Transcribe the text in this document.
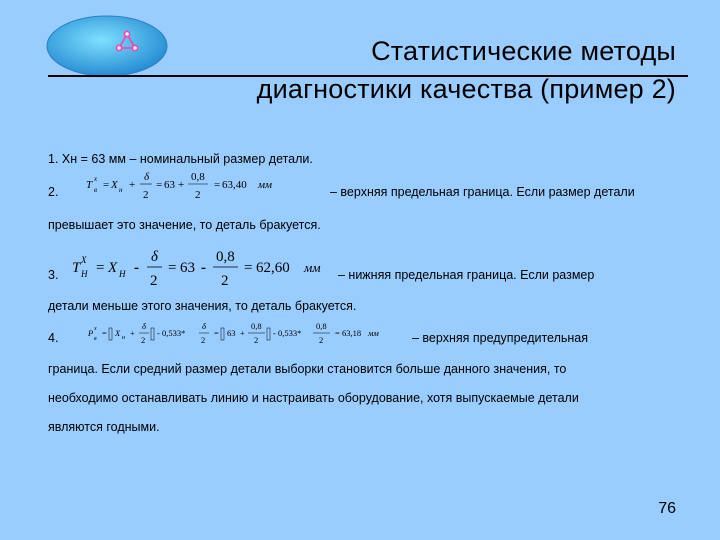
Статистические методы
диагностики качества (пример 2)
1. Хн = 63 мм – номинальный размер детали.
2.	T x
в = X н +
δ
2
= 63 +
0,8
2
= 63,40 мм	– верхняя предельная граница. Если размер детали
превышает это значение, то деталь бракуется.
3. T X
Н = X Н -
δ
2
= 63 -
0,8
2
= 62,60 мм – нижняя предельная граница. Если размер
детали меньше этого значения, то деталь бракуется.
4.	P x
в
= X н +
δ
2
- 0,533*
δ
2
= 63 +
0,8
2
- 0,533*
0,8
2
= 63,18 мм	– верхняя предупредительная
граница. Если средний размер детали выборки становится больше данного значения, то
необходимо останавливать линию и настраивать оборудование, хотя выпускаемые детали
являются годными.
76
